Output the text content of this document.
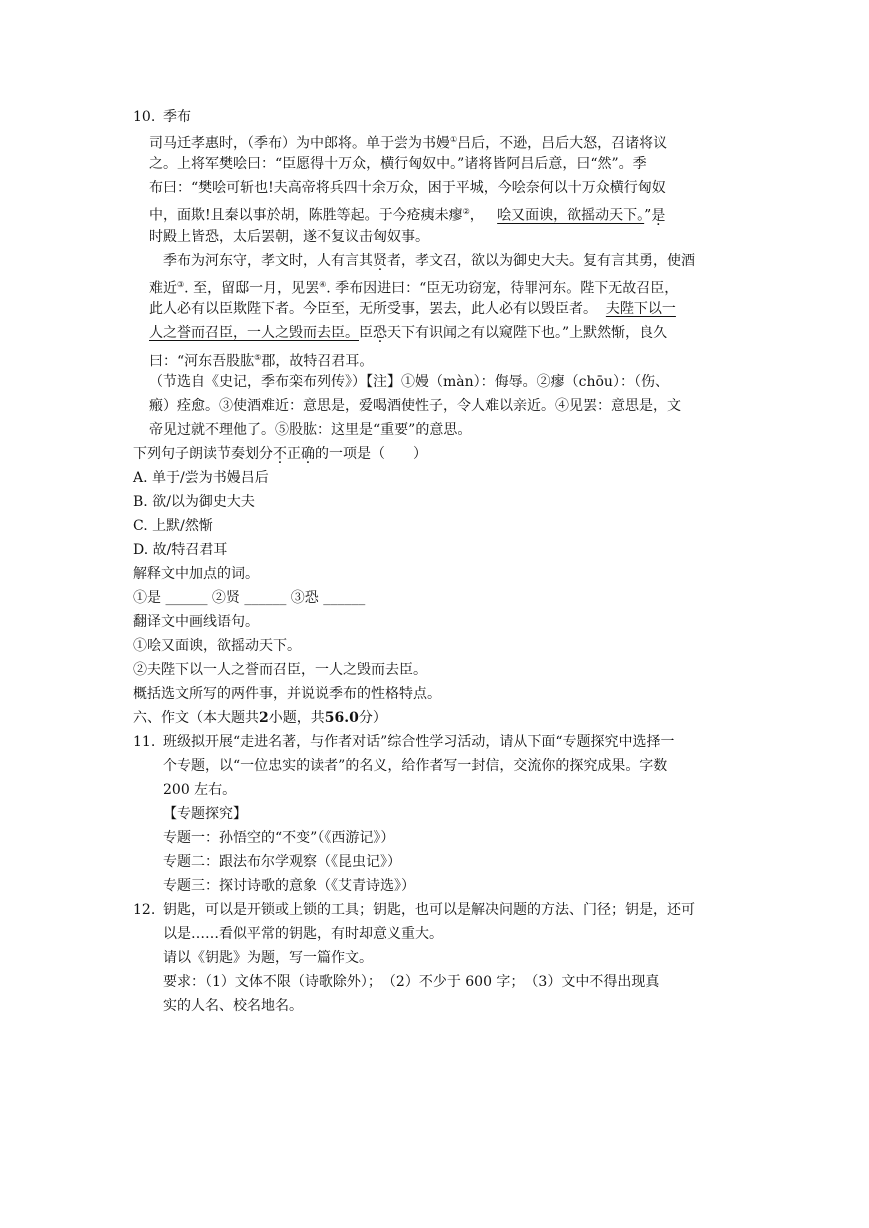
10. 季布
司马迁孝惠时，（季布）为中郎将。单于尝为书嫚①吕后，不逊，吕后大怒，召诸将议
之。上将军樊哙曰：“臣愿得十万众，横行匈奴中。”诸将皆阿吕后意，曰“然”。季
布曰：“樊哙可斩也!夫高帝将兵四十余万众，困于平城，今哙奈何以十万众横行匈奴
中，面欺!且秦以事於胡，陈胜等起。于今疮痍未瘳②， 哙又面谀，欲摇动天下。”是
时殿上皆恐，太后罢朝，遂不复议击匈奴事。
季布为河东守，孝文时，人有言其贤者，孝文召，欲以为御史大夫。复有言其勇，使酒
难近③. 至，留邸一月，见罢④. 季布因进曰：“臣无功窃宠，待罪河东。陛下无故召臣，
此人必有以臣欺陛下者。今臣至，无所受事，罢去，此人必有以毁臣者。 夫陛下以一
人之誉而召臣，一人之毁而去臣。臣恐天下有识闻之有以窥陛下也。”上默然惭，良久
曰：“河东吾股肱⑤郡，故特召君耳。
（节选自《史记，季布栾布列传》）【注】①嫚（màn）：侮辱。②瘳（chōu）：（伤、
瘢）痊愈。③使酒难近：意思是，爱喝酒使性子，令人难以亲近。④见罢：意思是，文
帝见过就不理他了。⑤股肱：这里是“重要”的意思。
下列句子朗读节奏划分不正确的一项是（　　）
A. 单于/尝为书嫚吕后
B. 欲/以为御史大夫
C. 上默/然惭
D. 故/特召君耳
解释文中加点的词。
①是 ______ ②贤 ______ ③恐 ______
翻译文中画线语句。
①哙又面谀，欲摇动天下。
②夫陛下以一人之誉而召臣，一人之毁而去臣。
概括选文所写的两件事，并说说季布的性格特点。
六、作文（本大题共2小题，共56.0分）
11. 班级拟开展“走进名著，与作者对话”综合性学习活动，请从下面“专题探究中选择一
个专题，以“一位忠实的读者”的名义，给作者写一封信，交流你的探究成果。字数
200 左右。
【专题探究】
专题一：孙悟空的“不变”（《西游记》）
专题二：跟法布尔学观察（《昆虫记》）
专题三：探讨诗歌的意象（《艾青诗选》）
12. 钥匙，可以是开锁或上锁的工具；钥匙，也可以是解决问题的方法、门径；钥是，还可
以是……看似平常的钥匙，有时却意义重大。
请以《钥匙》为题，写一篇作文。
要求：（1）文体不限（诗歌除外）；　（2）不少于 600 字；　（3）文中不得出现真
实的人名、校名地名。
